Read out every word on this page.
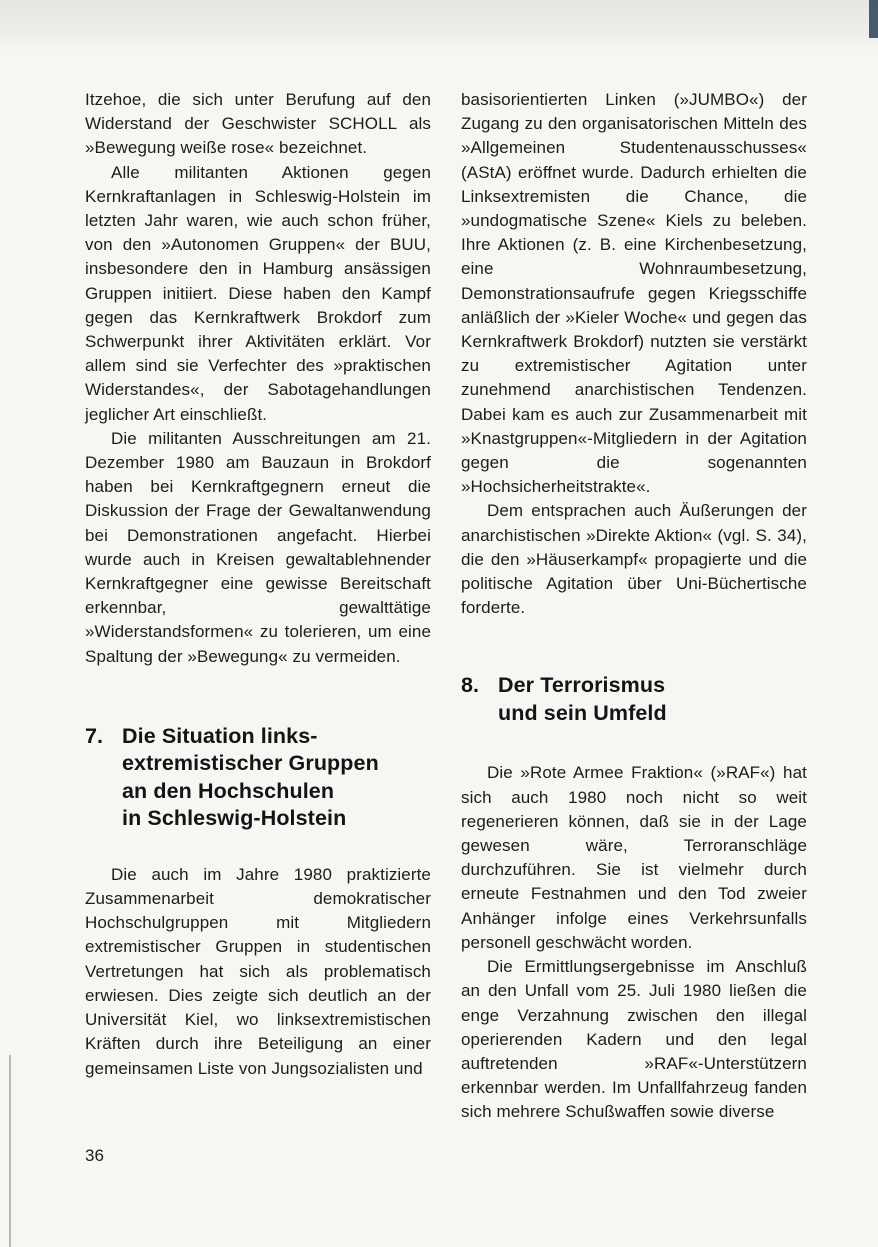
Itzehoe, die sich unter Berufung auf den Widerstand der Geschwister SCHOLL als »Bewegung weiße rose« bezeichnet.

Alle militanten Aktionen gegen Kernkraftanlagen in Schleswig-Holstein im letzten Jahr waren, wie auch schon früher, von den »Autonomen Gruppen« der BUU, insbesondere den in Hamburg ansässigen Gruppen initiiert. Diese haben den Kampf gegen das Kernkraftwerk Brokdorf zum Schwerpunkt ihrer Aktivitäten erklärt. Vor allem sind sie Verfechter des »praktischen Widerstandes«, der Sabotagehandlungen jeglicher Art einschließt.

Die militanten Ausschreitungen am 21. Dezember 1980 am Bauzaun in Brokdorf haben bei Kernkraftgegnern erneut die Diskussion der Frage der Gewaltanwendung bei Demonstrationen angefacht. Hierbei wurde auch in Kreisen gewaltablehnender Kernkraftgegner eine gewisse Bereitschaft erkennbar, gewalttätige »Widerstandsformen« zu tolerieren, um eine Spaltung der »Bewegung« zu vermeiden.

7. Die Situation links-
extremistischer Gruppen
an den Hochschulen
in Schleswig-Holstein

Die auch im Jahre 1980 praktizierte Zusammenarbeit demokratischer Hochschulgruppen mit Mitgliedern extremistischer Gruppen in studentischen Vertretungen hat sich als problematisch erwiesen. Dies zeigte sich deutlich an der Universität Kiel, wo linksextremistischen Kräften durch ihre Beteiligung an einer gemeinsamen Liste von Jungsozialisten und

basisorientierten Linken (»JUMBO«) der Zugang zu den organisatorischen Mitteln des »Allgemeinen Studentenausschusses« (AStA) eröffnet wurde. Dadurch erhielten die Linksextremisten die Chance, die »undogmatische Szene« Kiels zu beleben. Ihre Aktionen (z. B. eine Kirchenbesetzung, eine Wohnraumbesetzung, Demonstrationsaufrufe gegen Kriegsschiffe anläßlich der »Kieler Woche« und gegen das Kernkraftwerk Brokdorf) nutzten sie verstärkt zu extremistischer Agitation unter zunehmend anarchistischen Tendenzen. Dabei kam es auch zur Zusammenarbeit mit »Knastgruppen«-Mitgliedern in der Agitation gegen die sogenannten »Hochsicherheitstrakte«.

Dem entsprachen auch Äußerungen der anarchistischen »Direkte Aktion« (vgl. S. 34), die den »Häuserkampf« propagierte und die politische Agitation über Uni-Büchertische forderte.

8. Der Terrorismus
und sein Umfeld

Die »Rote Armee Fraktion« (»RAF«) hat sich auch 1980 noch nicht so weit regenerieren können, daß sie in der Lage gewesen wäre, Terroranschläge durchzuführen. Sie ist vielmehr durch erneute Festnahmen und den Tod zweier Anhänger infolge eines Verkehrsunfalls personell geschwächt worden.

Die Ermittlungsergebnisse im Anschluß an den Unfall vom 25. Juli 1980 ließen die enge Verzahnung zwischen den illegal operierenden Kadern und den legal auftretenden »RAF«-Unterstützern erkennbar werden. Im Unfallfahrzeug fanden sich mehrere Schußwaffen sowie diverse

36
